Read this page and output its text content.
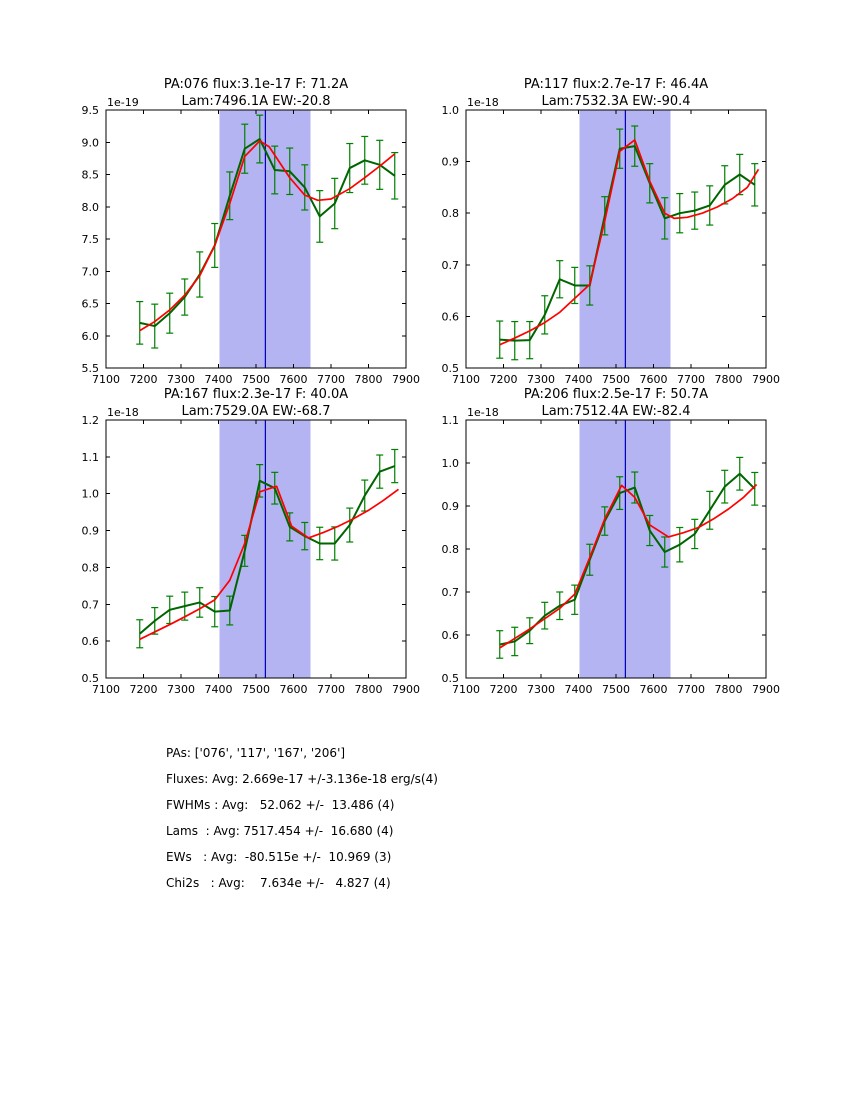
7100 7200 7300 7400 7500 7600 7700 7800 7900
5.5
6.0
6.5
7.0
7.5
8.0
8.5
9.0
9.5
PA:076 flux:3.1e-17 F: 71.2A
Lam:7496.1A EW:-20.8
1e-19
7100 7200 7300 7400 7500 7600 7700 7800 7900
0.5
0.6
0.7
0.8
0.9
1.0
PA:117 flux:2.7e-17 F: 46.4A
Lam:7532.3A EW:-90.4
1e-18
7100 7200 7300 7400 7500 7600 7700 7800 7900
0.5
0.6
0.7
0.8
0.9
1.0
1.1
1.2
PA:167 flux:2.3e-17 F: 40.0A
Lam:7529.0A EW:-68.7
1e-18
7100 7200 7300 7400 7500 7600 7700 7800 7900
0.5
0.6
0.7
0.8
0.9
1.0
1.1
PA:206 flux:2.5e-17 F: 50.7A
Lam:7512.4A EW:-82.4
1e-18
PAs: ['076', '117', '167', '206']
Fluxes: Avg: 2.669e-17 +/-3.136e-18 erg/s(4)
FWHMs : Avg:   52.062 +/-  13.486 (4)
Lams  : Avg: 7517.454 +/-  16.680 (4)
EWs   : Avg:  -80.515e +/-  10.969 (3)
Chi2s   : Avg:    7.634e +/-   4.827 (4)
